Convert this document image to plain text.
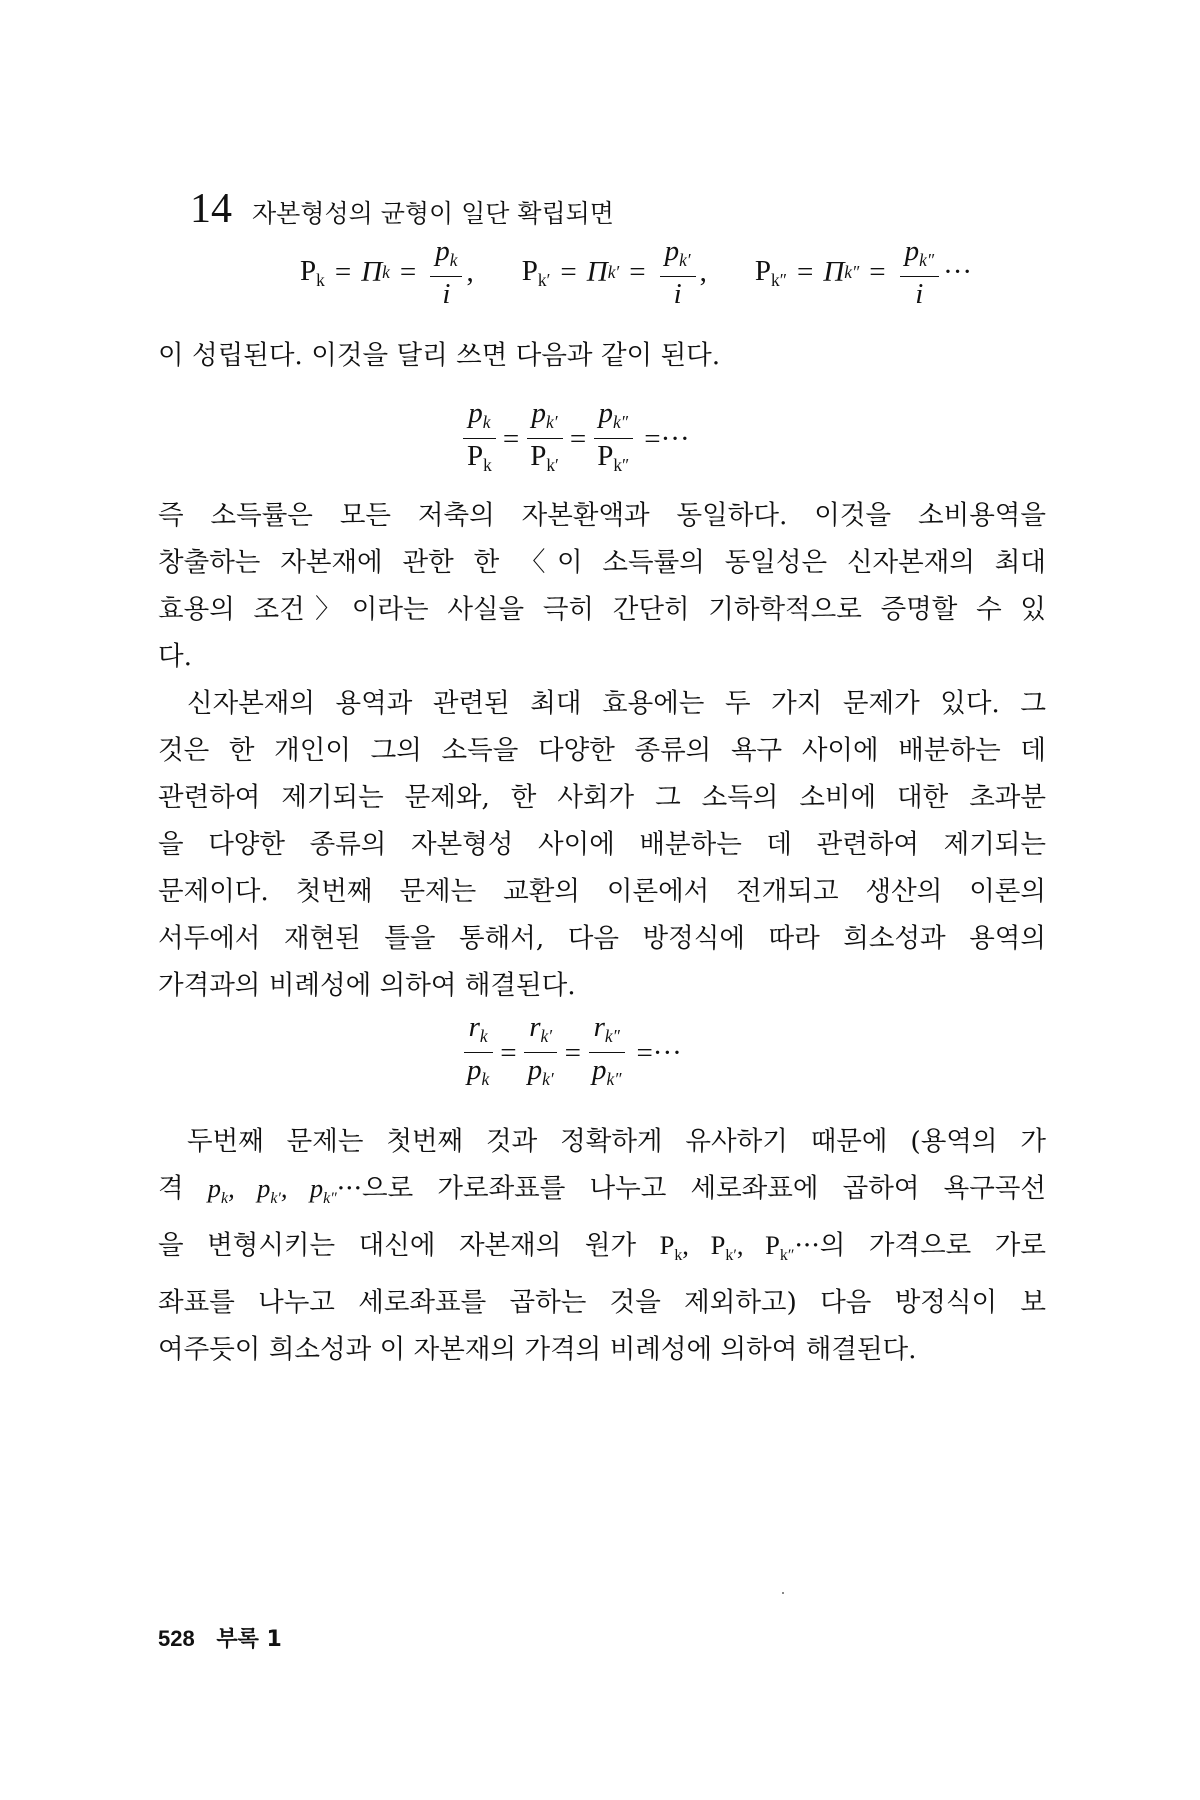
14 자본형성의 균형이 일단 확립되면
$P_k = \Pi$ $k = \frac{p_k}{i}$ , $P_{k'} = \Pi$ $k' = \frac{p_{k'}}{i}$ , $P_{k''} = \Pi$ $k'' = \frac{p_{k''}}{i}$ ···

이 성립된다. 이것을 달리 쓰면 다음과 같이 된다.

$\frac{p_k}{P_k} = \frac{p_{k'}}{P_{k'}} = \frac{p_{k''}}{P_{k''}}$ =···

즉 소득률은 모든 저축의 자본환액과 동일하다. 이것을 소비용역을
창출하는 자본재에 관한 한 〈이 소득률의 동일성은 신자본재의 최대
효용의 조건〉이라는 사실을 극히 간단히 기하학적으로 증명할 수 있
다.

신자본재의 용역과 관련된 최대 효용에는 두 가지 문제가 있다. 그
것은 한 개인이 그의 소득을 다양한 종류의 욕구 사이에 배분하는 데
관련하여 제기되는 문제와, 한 사회가 그 소득의 소비에 대한 초과분
을 다양한 종류의 자본형성 사이에 배분하는 데 관련하여 제기되는
문제이다. 첫번째 문제는 교환의 이론에서 전개되고 생산의 이론의
서두에서 재현된 틀을 통해서, 다음 방정식에 따라 희소성과 용역의
가격과의 비례성에 의하여 해결된다.

$\frac{r_k}{p_k} = \frac{r_{k'}}{p_{k'}} = \frac{r_{k''}}{p_{k''}}$ =···

두번째 문제는 첫번째 것과 정확하게 유사하기 때문에 (용역의 가
격 $p_k$, $p_{k'}$, $p_{k''}\cdot\cdot\cdot$으로 가로좌표를 나누고 세로좌표에 곱하여 욕구곡선
을 변형시키는 대신에 자본재의 원가 $P_k$, $P_{k'}$, $P_{k''}\cdot\cdot\cdot$의 가격으로 가로
좌표를 나누고 세로좌표를 곱하는 것을 제외하고) 다음 방정식이 보
여주듯이 희소성과 이 자본재의 가격의 비례성에 의하여 해결된다.

528 부록 1
